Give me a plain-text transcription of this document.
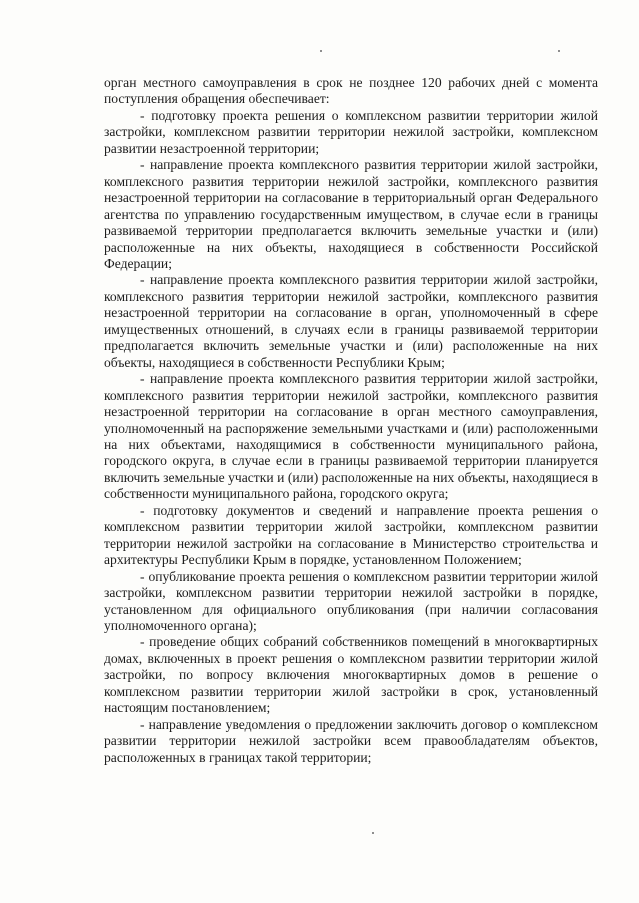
орган местного самоуправления в срок не позднее 120 рабочих дней с момента поступления обращения обеспечивает:

- подготовку проекта решения о комплексном развитии территории жилой застройки, комплексном развитии территории нежилой застройки, комплексном развитии незастроенной территории;

- направление проекта комплексного развития территории жилой застройки, комплексного развития территории нежилой застройки, комплексного развития незастроенной территории на согласование в территориальный орган Федерального агентства по управлению государственным имуществом, в случае если в границы развиваемой территории предполагается включить земельные участки и (или) расположенные на них объекты, находящиеся в собственности Российской Федерации;

- направление проекта комплексного развития территории жилой застройки, комплексного развития территории нежилой застройки, комплексного развития незастроенной территории на согласование в орган, уполномоченный в сфере имущественных отношений, в случаях если в границы развиваемой территории предполагается включить земельные участки и (или) расположенные на них объекты, находящиеся в собственности Республики Крым;

- направление проекта комплексного развития территории жилой застройки, комплексного развития территории нежилой застройки, комплексного развития незастроенной территории на согласование в орган местного самоуправления, уполномоченный на распоряжение земельными участками и (или) расположенными на них объектами, находящимися в собственности муниципального района, городского округа, в случае если в границы развиваемой территории планируется включить земельные участки и (или) расположенные на них объекты, находящиеся в собственности муниципального района, городского округа;

- подготовку документов и сведений и направление проекта решения о комплексном развитии территории жилой застройки, комплексном развитии территории нежилой застройки на согласование в Министерство строительства и архитектуры Республики Крым в порядке, установленном Положением;

- опубликование проекта решения о комплексном развитии территории жилой застройки, комплексном развитии территории нежилой застройки в порядке, установленном для официального опубликования (при наличии согласования уполномоченного органа);

- проведение общих собраний собственников помещений в многоквартирных домах, включенных в проект решения о комплексном развитии территории жилой застройки, по вопросу включения многоквартирных домов в решение о комплексном развитии территории жилой застройки в срок, установленный настоящим постановлением;

- направление уведомления о предложении заключить договор о комплексном развитии территории нежилой застройки всем правообладателям объектов, расположенных в границах такой территории;
